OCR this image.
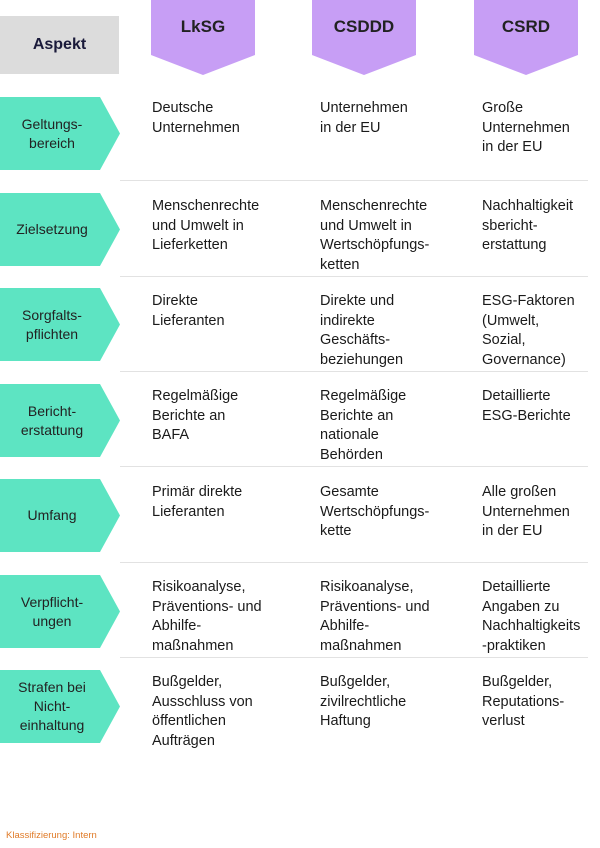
Aspekt
LkSG	CSDDD	CSRD
Geltungs-
bereich
Deutsche
Unternehmen
Unternehmen
in der EU
Große
Unternehmen
in der EU
Zielsetzung
Menschenrechte
und Umwelt in
Lieferketten
Menschenrechte
und Umwelt in
Wertschöpfungs-
ketten
Nachhaltigkeit
sbericht-
erstattung
Sorgfalts-
pflichten
Direkte
Lieferanten
Direkte und
indirekte
Geschäfts-
beziehungen
ESG-Faktoren
(Umwelt,
Sozial,
Governance)
Bericht-
erstattung
Regelmäßige
Berichte an
BAFA
Regelmäßige
Berichte an
nationale
Behörden
Detaillierte
ESG-Berichte
Umfang
Primär direkte
Lieferanten
Gesamte
Wertschöpfungs-
kette
Alle großen
Unternehmen
in der EU
Verpflicht-
ungen
Risikoanalyse,
Präventions- und
Abhilfe-
maßnahmen
Risikoanalyse,
Präventions- und
Abhilfe-
maßnahmen
Detaillierte
Angaben zu
Nachhaltigkeits
-praktiken
Strafen bei
Nicht-
einhaltung
Bußgelder,
Ausschluss von
öffentlichen
Aufträgen
Bußgelder,
zivilrechtliche
Haftung
Bußgelder,
Reputations-
verlust
Klassifizierung: Intern
